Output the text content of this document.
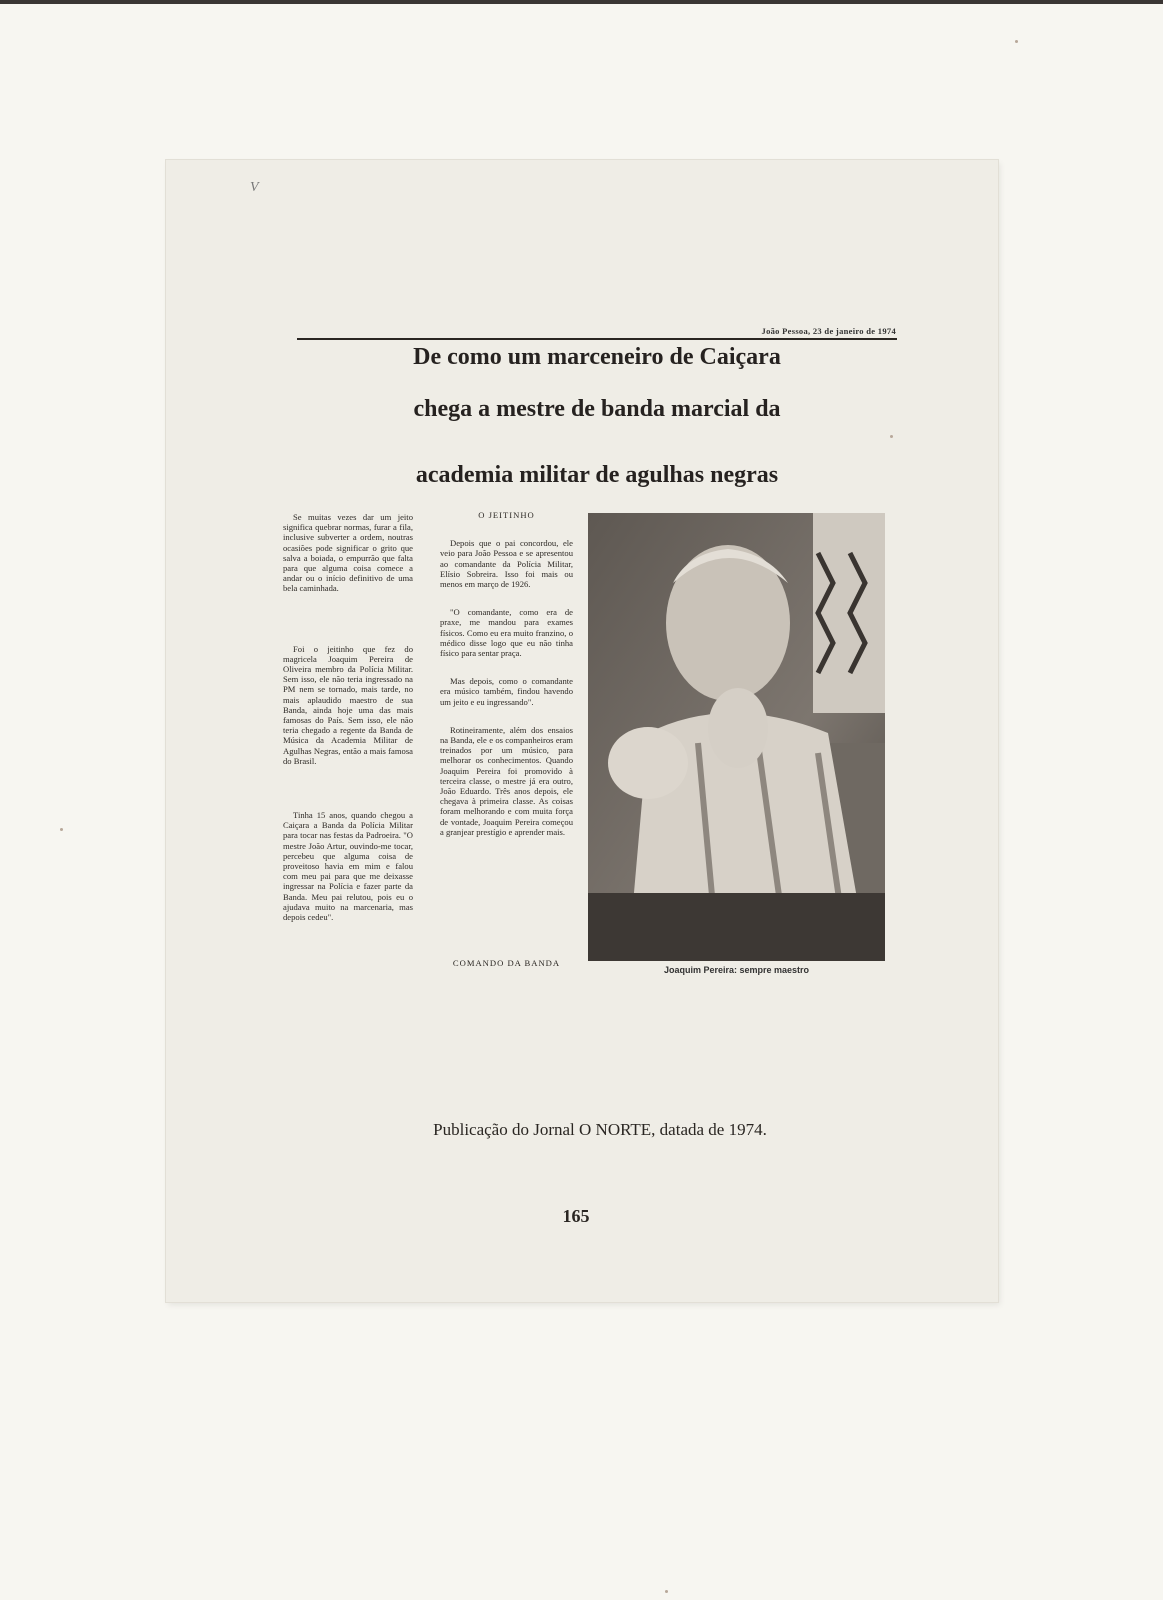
V
João Pessoa, 23 de janeiro de 1974
De como um marceneiro de Caiçara
chega a mestre de banda marcial da
academia militar de agulhas negras

Se muitas vezes dar um jeito significa quebrar normas, furar a fila, inclusive subverter a ordem, noutras ocasiões pode significar o grito que salva a boiada, o empurrão que falta para que alguma coisa comece a andar ou o início definitivo de uma bela caminhada.

Foi o jeitinho que fez do magricela Joaquim Pereira de Oliveira membro da Polícia Militar. Sem isso, ele não teria ingressado na PM nem se tornado, mais tarde, no mais aplaudido maestro de sua Banda, ainda hoje uma das mais famosas do País. Sem isso, ele não teria chegado a regente da Banda de Música da Academia Militar de Agulhas Negras, então a mais famosa do Brasil.

Tinha 15 anos, quando chegou a Caiçara a Banda da Polícia Militar para tocar nas festas da Padroeira. "O mestre João Artur, ouvindo-me tocar, percebeu que alguma coisa de proveitoso havia em mim e falou com meu pai para que me deixasse ingressar na Polícia e fazer parte da Banda. Meu pai relutou, pois eu o ajudava muito na marcenaria, mas depois cedeu".

O JEITINHO

Depois que o pai concordou, ele veio para João Pessoa e se apresentou ao comandante da Polícia Militar, Elísio Sobreira. Isso foi mais ou menos em março de 1926.

"O comandante, como era de praxe, me mandou para exames físicos. Como eu era muito franzino, o médico disse logo que eu não tinha físico para sentar praça.

Mas depois, como o comandante era músico também, findou havendo um jeito e eu ingressando".

Rotineiramente, além dos ensaios na Banda, ele e os companheiros eram treinados por um músico, para melhorar os conhecimentos. Quando Joaquim Pereira foi promovido à terceira classe, o mestre já era outro, João Eduardo. Três anos depois, ele chegava à primeira classe. As coisas foram melhorando e com muita força de vontade, Joaquim Pereira começou a granjear prestígio e aprender mais.

COMANDO DA BANDA
Joaquim Pereira: sempre maestro
Publicação do Jornal O NORTE, datada de 1974.
165
